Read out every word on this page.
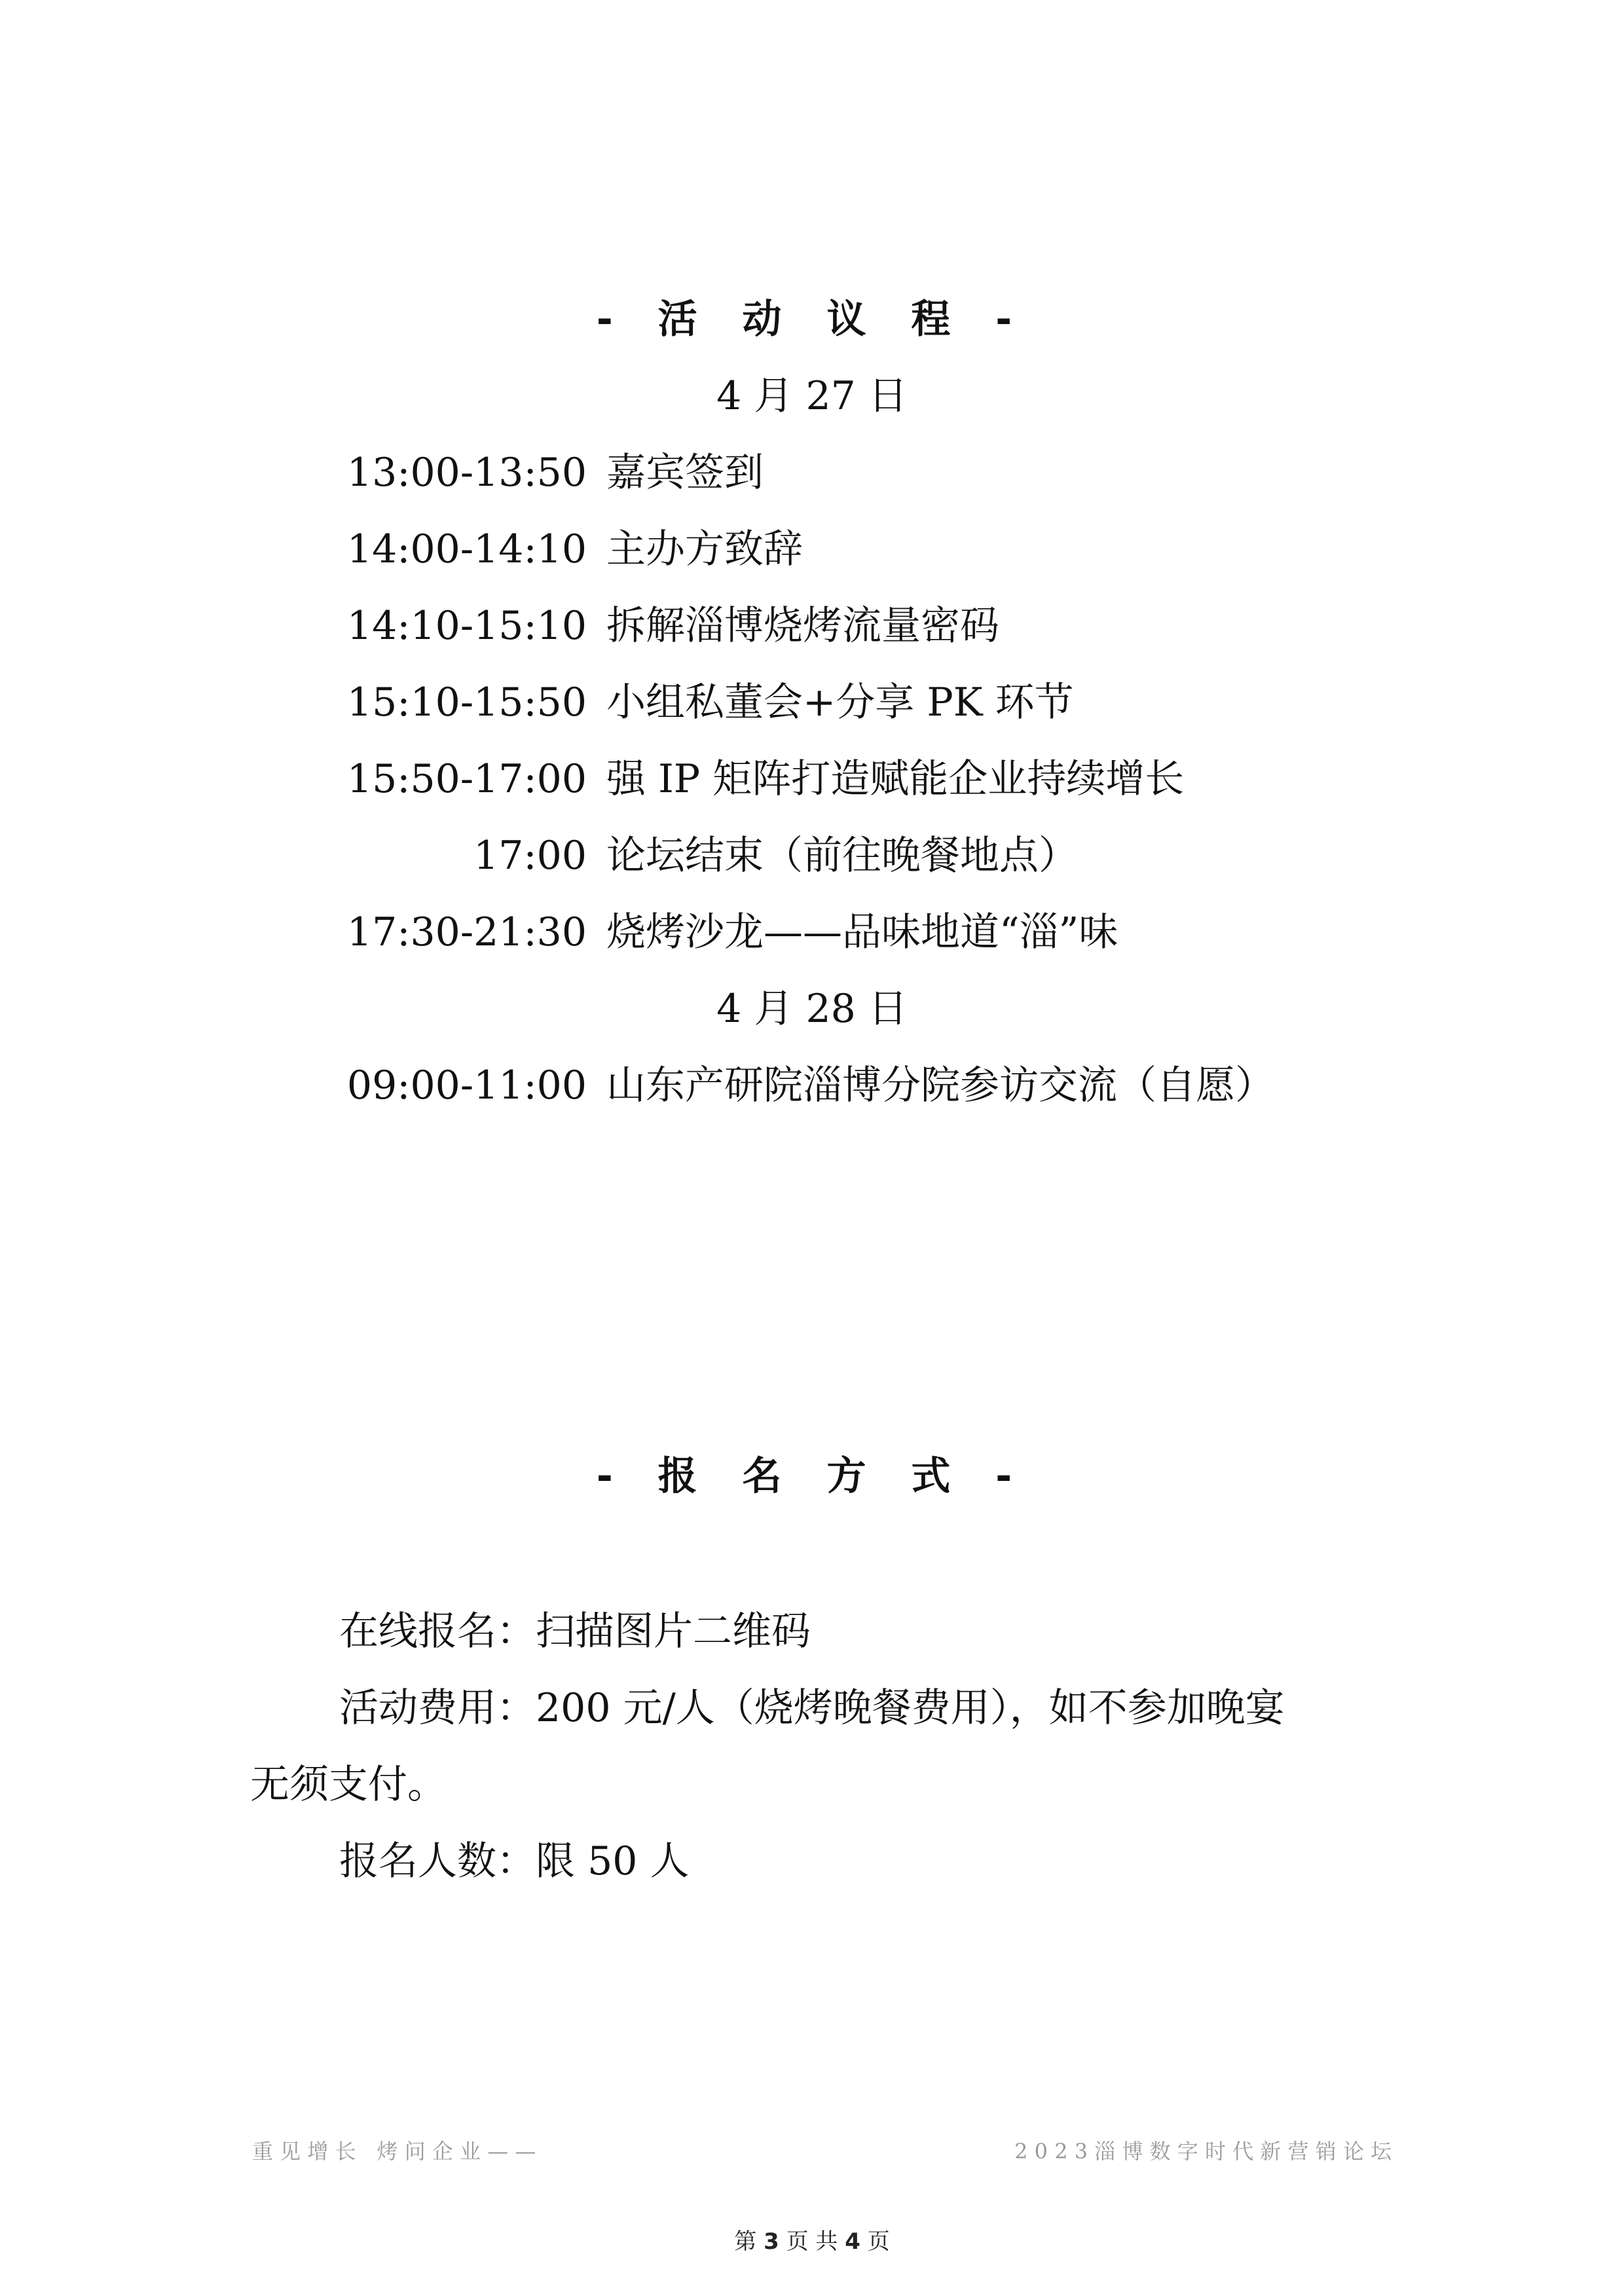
- 活 动 议 程 -
4 月 27 日
13:00-13:50 嘉宾签到
14:00-14:10 主办方致辞
14:10-15:10 拆解淄博烧烤流量密码
15:10-15:50 小组私董会+分享 PK 环节
15:50-17:00 强 IP 矩阵打造赋能企业持续增长
17:00 论坛结束（前往晚餐地点）
17:30-21:30 烧烤沙龙——品味地道“淄”味
4 月 28 日
09:00-11:00 山东产研院淄博分院参访交流（自愿）
- 报 名 方 式 -
在线报名：扫描图片二维码
活动费用：200 元/人（烧烤晚餐费用），如不参加晚宴
无须支付。
报名人数：限 50 人
重 见 增 长　烤 问 企 业 — —	2 0 2 3 淄 博 数 字 时 代 新 营 销 论 坛
第 3 页 共 4 页
